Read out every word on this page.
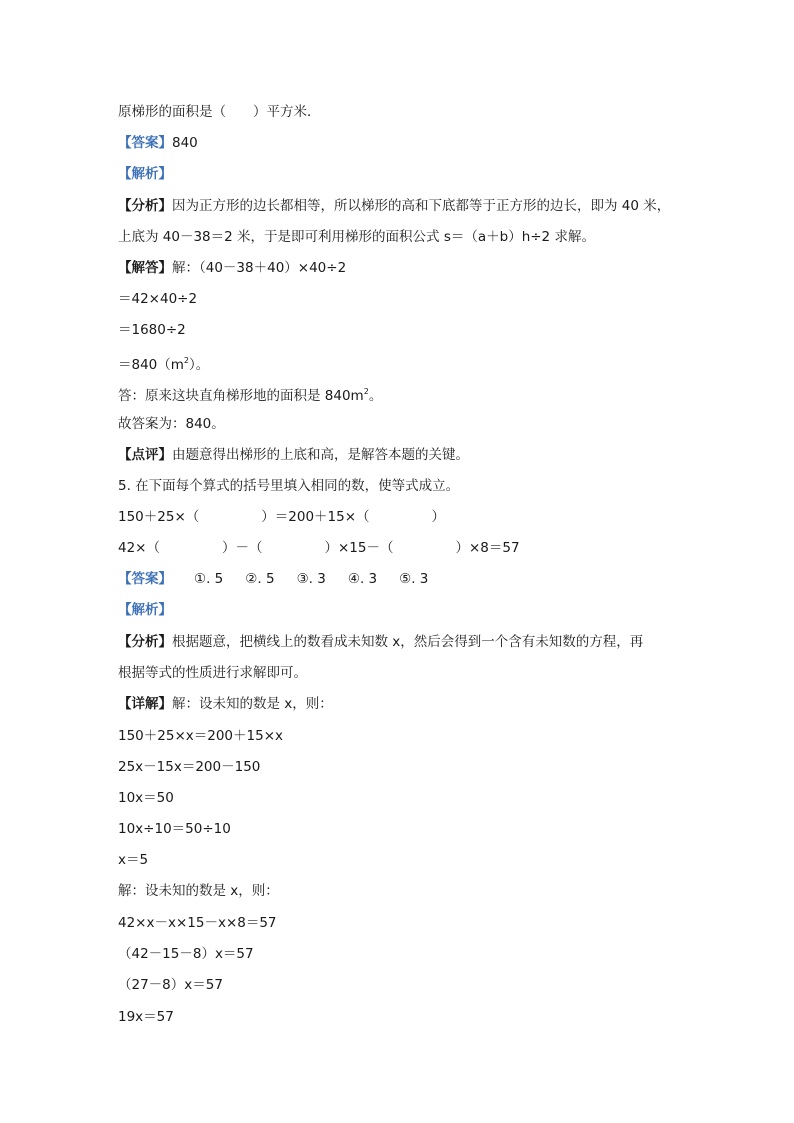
原梯形的面积是（　　）平方米．
【答案】840
【解析】
【分析】因为正方形的边长都相等，所以梯形的高和下底都等于正方形的边长，即为 40 米，
上底为 40－38＝2 米，于是即可利用梯形的面积公式 s＝（a＋b）h÷2 求解。
【解答】解：（40－38＋40）×40÷2
＝42×40÷2
＝1680÷2
$=840(m^2)$。
答：原来这块直角梯形地的面积是 $840m^2$。
故答案为：840。
【点评】由题意得出梯形的上底和高，是解答本题的关键。
5. 在下面每个算式的括号里填入相同的数，使等式成立。
150＋25×（	）＝200＋15×（	）
42×（	）－（	）×15－（	）×8＝57
【答案】 ①. 5 ②. 5 ③. 3 ④. 3 ⑤. 3
【解析】
【分析】根据题意，把横线上的数看成未知数 x，然后会得到一个含有未知数的方程，再
根据等式的性质进行求解即可。
【详解】解：设未知的数是 x，则：
150＋25×x＝200＋15×x
25x－15x＝200－150
10x＝50
10x÷10＝50÷10
x＝5
解：设未知的数是 x，则：
42×x－x×15－x×8＝57
（42－15－8）x＝57
（27－8）x＝57
19x＝57
